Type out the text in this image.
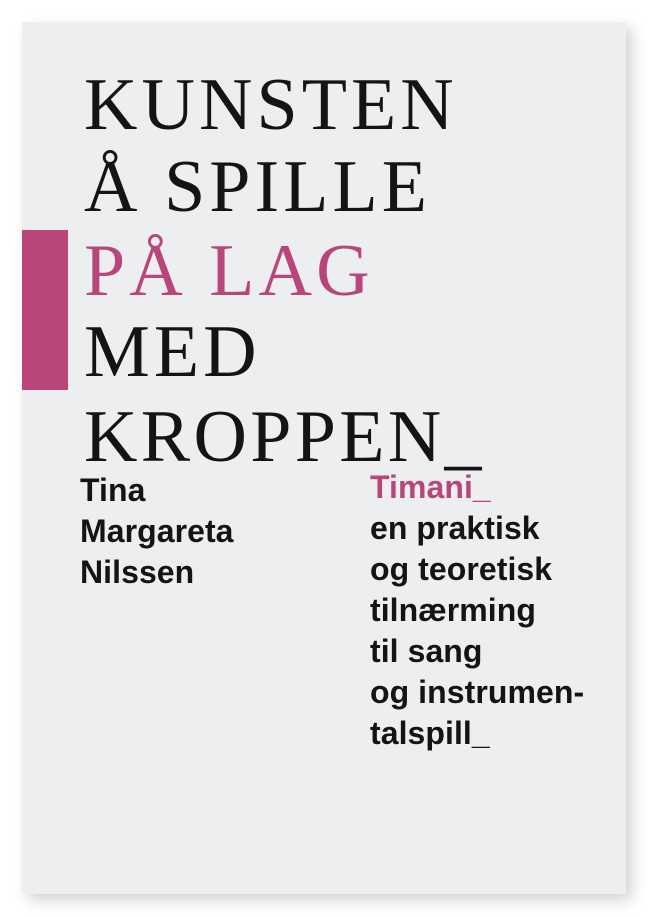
KUNSTEN
Å SPILLE
PÅ LAG
MED
KROPPEN_
Tina
Margareta
Nilssen
Timani_
en praktisk
og teoretisk
tilnærming
til sang
og instrumen-
talspill_
